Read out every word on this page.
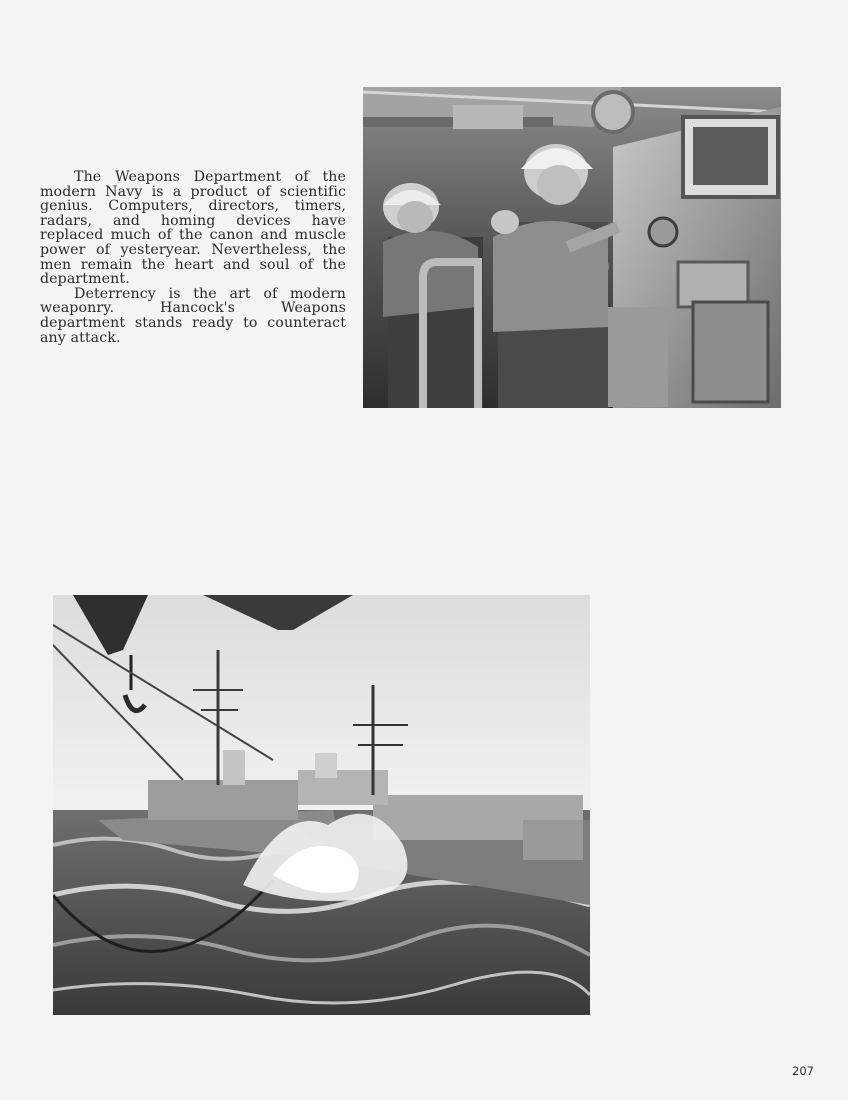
The Weapons Department of the modern Navy is a product of scientific genius. Computers, directors, timers, radars, and homing devices have replaced much of the canon and muscle power of yesteryear. Nevertheless, the men remain the heart and soul of the department.

Deterrency is the art of modern weaponry. Hancock's Weapons department stands ready to counteract any attack.

207
